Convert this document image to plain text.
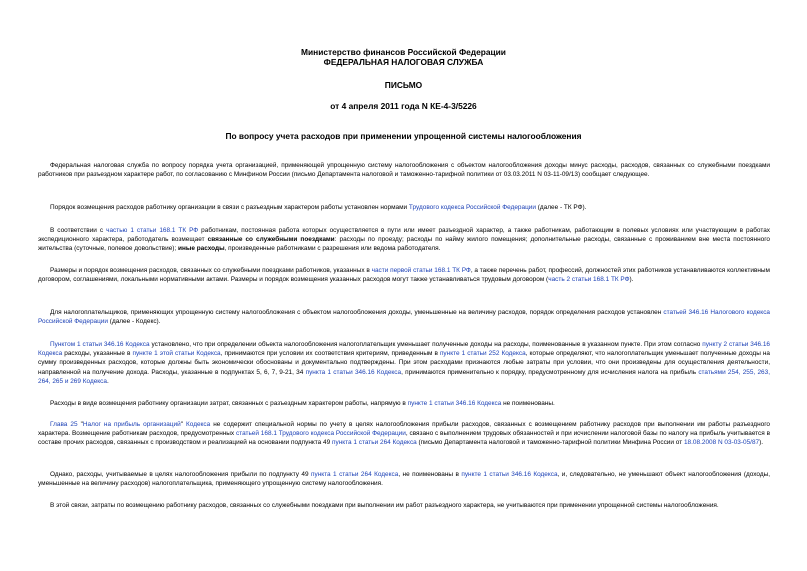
Министерство финансов Российской Федерации
ФЕДЕРАЛЬНАЯ НАЛОГОВАЯ СЛУЖБА
ПИСЬМО
от 4 апреля 2011 года N КЕ-4-3/5226
По вопросу учета расходов при применении упрощенной системы налогообложения

Федеральная налоговая служба по вопросу порядка учета организацией, применяющей упрощенную систему налогообложения с объектом налогообложения доходы минус расходы, расходов, связанных со служебными поездками работников при разъездном характере работ, по согласованию с Минфином России (письмо Департамента налоговой и таможенно-тарифной политики от 03.03.2011 N 03-11-09/13) сообщает следующее.

Порядок возмещения расходов работнику организации в связи с разъездным характером работы установлен нормами Трудового кодекса Российской Федерации (далее - ТК РФ).

В соответствии с частью 1 статьи 168.1 ТК РФ работникам, постоянная работа которых осуществляется в пути или имеет разъездной характер, а также работникам, работающим в полевых условиях или участвующим в работах экспедиционного характера, работодатель возмещает связанные со служебными поездками: расходы по проезду; расходы по найму жилого помещения; дополнительные расходы, связанные с проживанием вне места постоянного жительства (суточные, полевое довольствие); иные расходы, произведенные работниками с разрешения или ведома работодателя.

Размеры и порядок возмещения расходов, связанных со служебными поездками работников, указанных в части первой статьи 168.1 ТК РФ, а также перечень работ, профессий, должностей этих работников устанавливаются коллективным договором, соглашениями, локальными нормативными актами. Размеры и порядок возмещения указанных расходов могут также устанавливаться трудовым договором (часть 2 статьи 168.1 ТК РФ).

Для налогоплательщиков, применяющих упрощенную систему налогообложения с объектом налогообложения доходы, уменьшенные на величину расходов, порядок определения расходов установлен статьей 346.16 Налогового кодекса Российской Федерации (далее - Кодекс).

Пунктом 1 статьи 346.16 Кодекса установлено, что при определении объекта налогообложения налогоплательщик уменьшает полученные доходы на расходы, поименованные в указанном пункте. При этом согласно пункту 2 статьи 346.16 Кодекса расходы, указанные в пункте 1 этой статьи Кодекса, принимаются при условии их соответствия критериям, приведенным в пункте 1 статьи 252 Кодекса, которые определяют, что налогоплательщик уменьшает полученные доходы на сумму произведенных расходов, которые должны быть экономически обоснованы и документально подтверждены. При этом расходами признаются любые затраты при условии, что они произведены для осуществления деятельности, направленной на получение дохода. Расходы, указанные в подпунктах 5, 6, 7, 9-21, 34 пункта 1 статьи 346.16 Кодекса, принимаются применительно к порядку, предусмотренному для исчисления налога на прибыль статьями 254, 255, 263, 264, 265 и 269 Кодекса.

Расходы в виде возмещения работнику организации затрат, связанных с разъездным характером работы, напрямую в пункте 1 статьи 346.16 Кодекса не поименованы.

Глава 25 "Налог на прибыль организаций" Кодекса не содержит специальной нормы по учету в целях налогообложения прибыли расходов, связанных с возмещением работнику расходов при выполнении им работы разъездного характера. Возмещение работникам расходов, предусмотренных статьей 168.1 Трудового кодекса Российской Федерации, связано с выполнением трудовых обязанностей и при исчислении налоговой базы по налогу на прибыль учитывается в составе прочих расходов, связанных с производством и реализацией на основании подпункта 49 пункта 1 статьи 264 Кодекса (письмо Департамента налоговой и таможенно-тарифной политики Минфина России от 18.08.2008 N 03-03-05/87).

Однако, расходы, учитываемые в целях налогообложения прибыли по подпункту 49 пункта 1 статьи 264 Кодекса, не поименованы в пункте 1 статьи 346.16 Кодекса, и, следовательно, не уменьшают объект налогообложения (доходы, уменьшенные на величину расходов) налогоплательщика, применяющего упрощенную систему налогообложения.

В этой связи, затраты по возмещению работнику расходов, связанных со служебными поездками при выполнении им работ разъездного характера, не учитываются при применении упрощенной системы налогообложения.
